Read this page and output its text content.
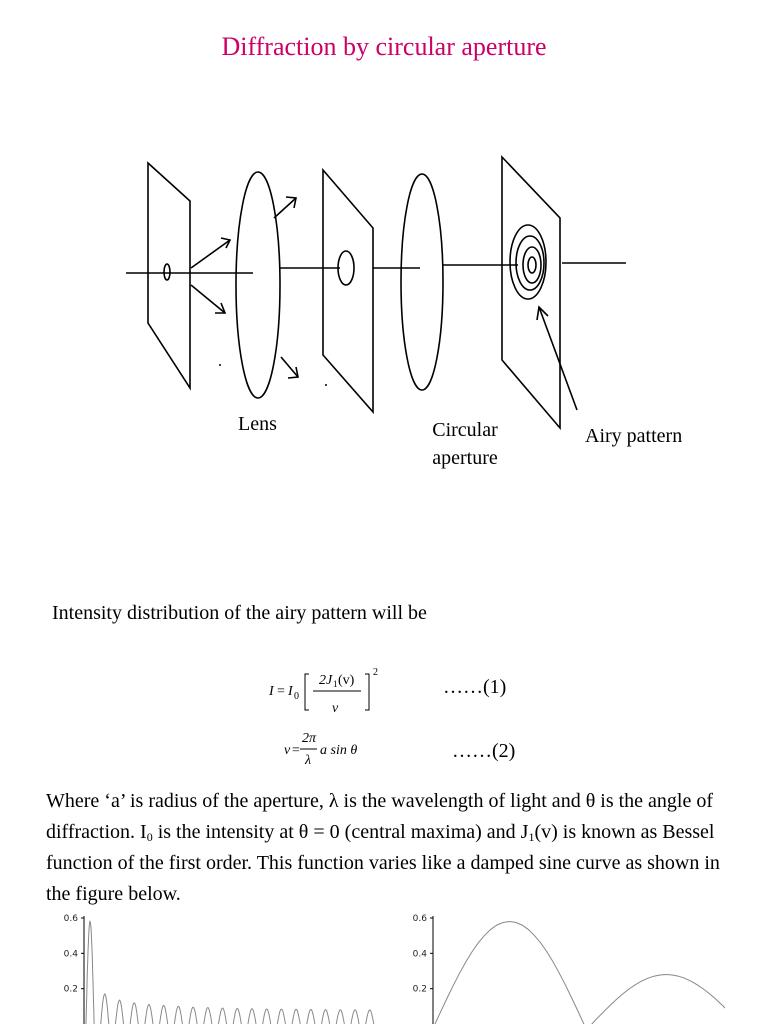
Diffraction by circular aperture
Lens	Circular
aperture
Airy pattern
Intensity distribution of the airy pattern will be
I = I 0
2J 1 (v)
v
v =
2π
λ
a sin θ
2
……(1)
……(2)
Where ‘a’ is radius of the aperture, λ is the wavelength of light and θ is the angle of diffraction. $I_0$ is the intensity at θ = 0 (central maxima) and $J_1(v)$ is known as Bessel function of the first order. This function varies like a damped sine curve as shown in the figure below.
0.6
0.4
0.2
0.6
0.4
0.2
